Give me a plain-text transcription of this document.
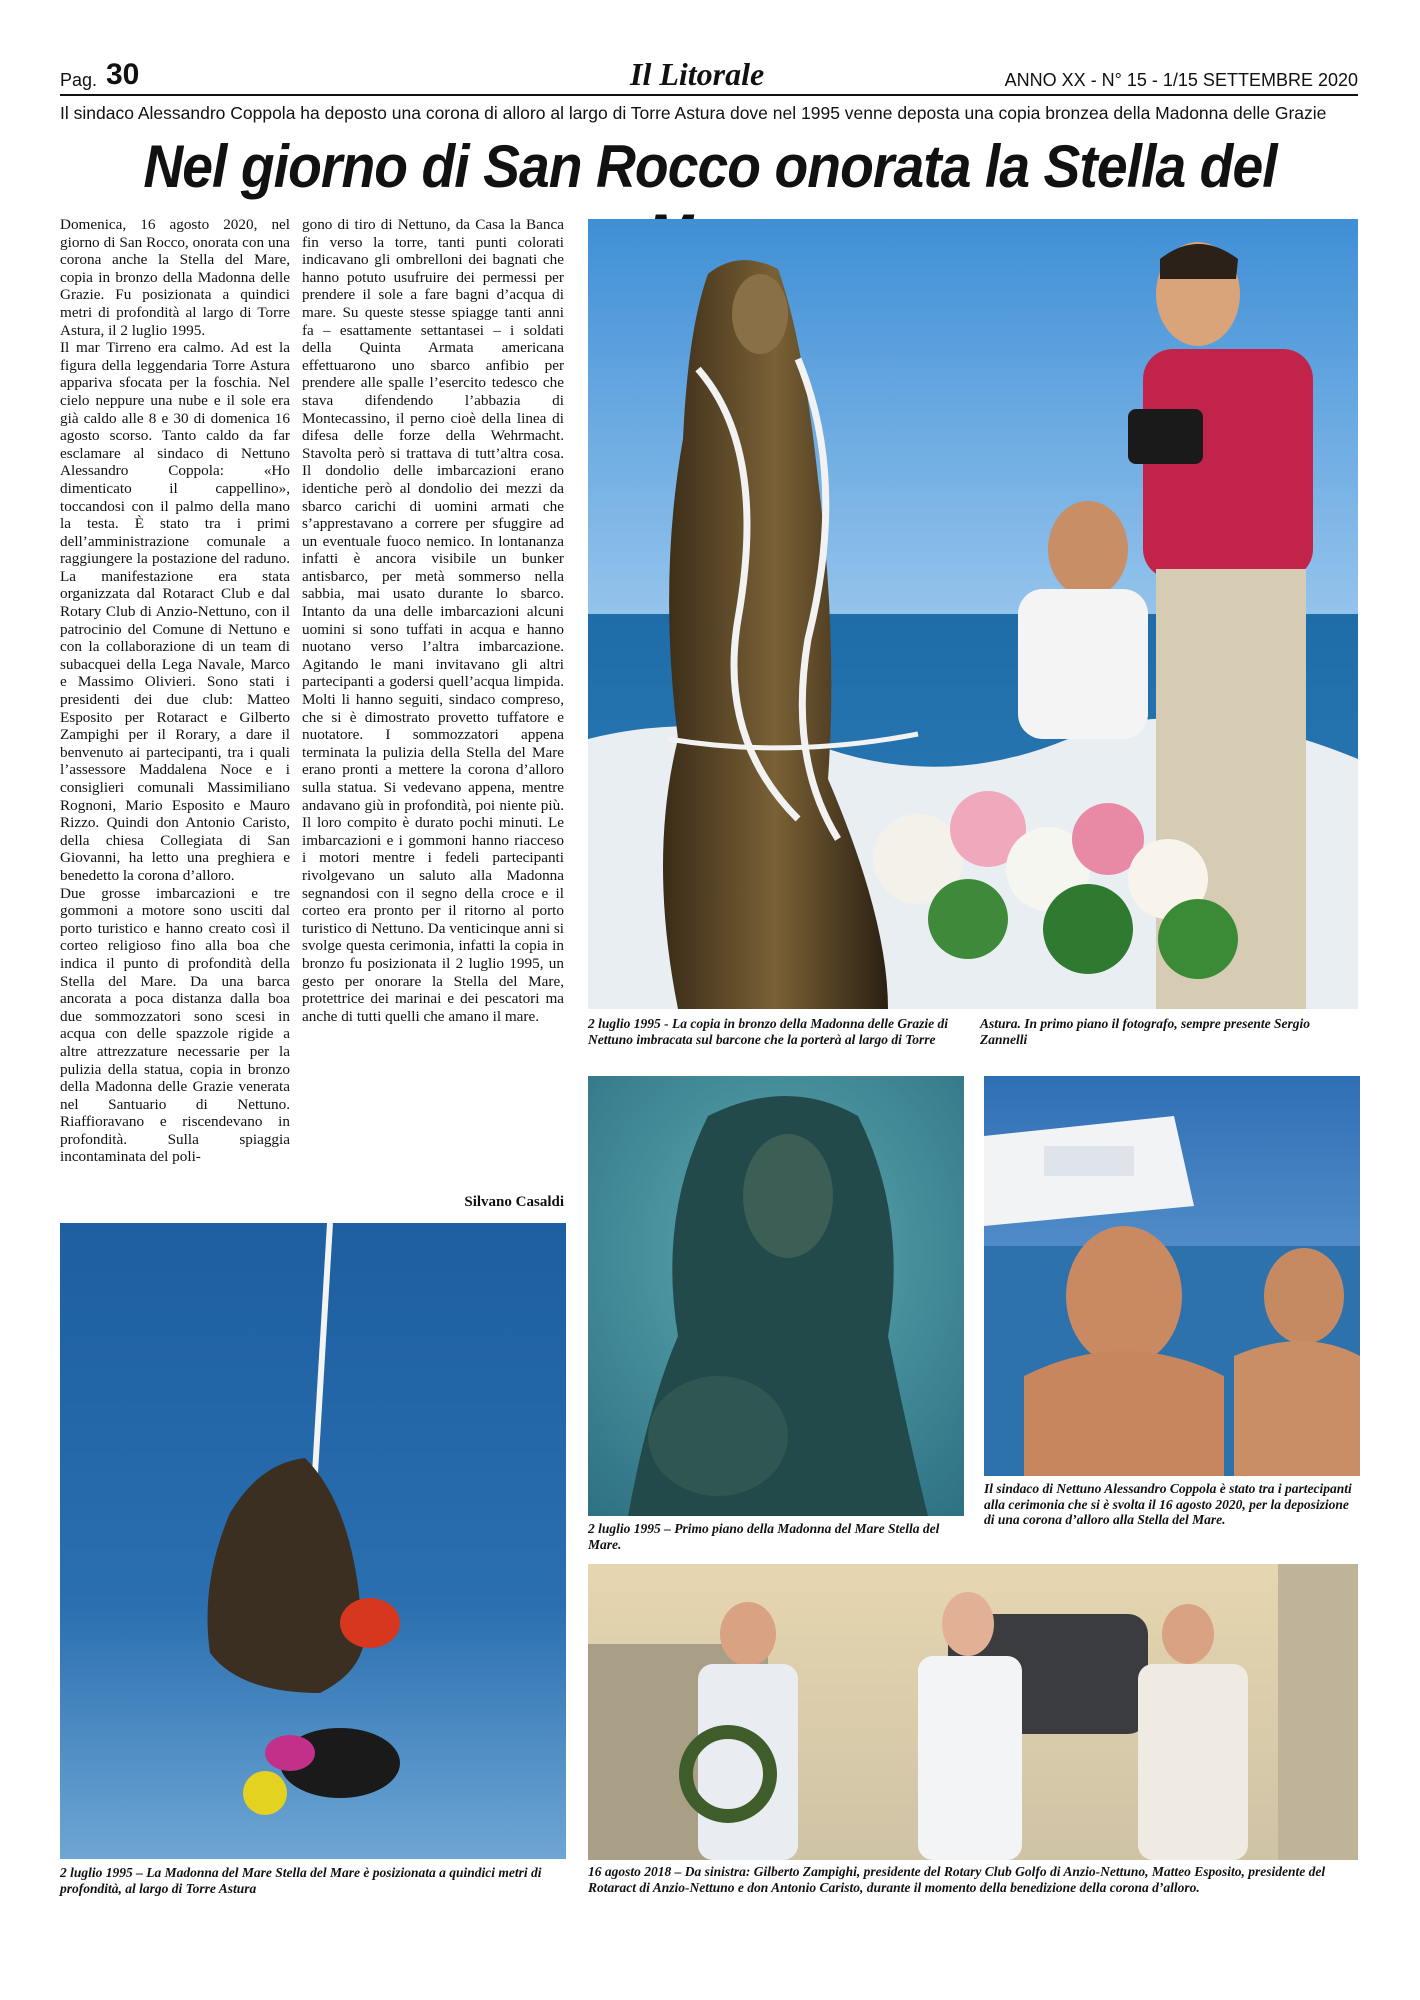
Pag. 30	Il Litorale	ANNO XX - N° 15 - 1/15 SETTEMBRE 2020
Il sindaco Alessandro Coppola ha deposto una corona di alloro al largo di Torre Astura dove nel 1995 venne deposta una copia bronzea della Madonna delle Grazie
Nel giorno di San Rocco onorata la Stella del

Domenica, 16 agosto 2020, nel giorno di San Rocco, onorata con una corona anche la Stella del Mare, copia in bronzo della Madonna delle Grazie. Fu posizionata a quindici metri di profondità al largo di Torre Astura, il 2 luglio 1995.

Il mar Tirreno era calmo. Ad est la figura della leggendaria Torre Astura appariva sfocata per la foschia. Nel cielo neppure una nube e il sole era già caldo alle 8 e 30 di domenica 16 agosto scorso. Tanto caldo da far esclamare al sindaco di Nettuno Alessandro Coppola: «Ho dimenticato il cappellino», toccandosi con il palmo della mano la testa. È stato tra i primi dell’amministrazione comunale a raggiungere la postazione del raduno. La manifestazione era stata organizzata dal Rotaract Club e dal Rotary Club di Anzio-Nettuno, con il patrocinio del Comune di Nettuno e con la collaborazione di un team di subacquei della Lega Navale, Marco e Massimo Olivieri. Sono stati i presidenti dei due club: Matteo Esposito per Rotaract e Gilberto Zampighi per il Rorary, a dare il benvenuto ai partecipanti, tra i quali l’assessore Maddalena Noce e i consiglieri comunali Massimiliano Rognoni, Mario Esposito e Mauro Rizzo. Quindi don Antonio Caristo, della chiesa Collegiata di San Giovanni, ha letto una preghiera e benedetto la corona d’alloro.

Due grosse imbarcazioni e tre gommoni a motore sono usciti dal porto turistico e hanno creato così il corteo religioso fino alla boa che indica il punto di profondità della Stella del Mare. Da una barca ancorata a poca distanza dalla boa due sommozzatori sono scesi in acqua con delle spazzole rigide a altre attrezzature necessarie per la pulizia della statua, copia in bronzo della Madonna delle Grazie venerata nel Santuario di Nettuno. Riaffioravano e riscendevano in profondità. Sulla spiaggia incontaminata del poli-

gono di tiro di Nettuno, da Casa la Banca fin verso la torre, tanti punti colorati indicavano gli ombrelloni dei bagnati che hanno potuto usufruire dei permessi per prendere il sole a fare bagni d’acqua di mare. Su queste stesse spiagge tanti anni fa – esattamente settantasei – i soldati della Quinta Armata americana effettuarono uno sbarco anfibio per prendere alle spalle l’esercito tedesco che stava difendendo l’abbazia di Montecassino, il perno cioè della linea di difesa delle forze della Wehrmacht. Stavolta però si trattava di tutt’altra cosa. Il dondolio delle imbarcazioni erano identiche però al dondolio dei mezzi da sbarco carichi di uomini armati che s’apprestavano a correre per sfuggire ad un eventuale fuoco nemico. In lontananza infatti è ancora visibile un bunker antisbarco, per metà sommerso nella sabbia, mai usato durante lo sbarco. Intanto da una delle imbarcazioni alcuni uomini si sono tuffati in acqua e hanno nuotano verso l’altra imbarcazione. Agitando le mani invitavano gli altri partecipanti a godersi quell’acqua limpida. Molti li hanno seguiti, sindaco compreso, che si è dimostrato provetto tuffatore e nuotatore. I sommozzatori appena terminata la pulizia della Stella del Mare erano pronti a mettere la corona d’alloro sulla statua. Si vedevano appena, mentre andavano giù in profondità, poi niente più. Il loro compito è durato pochi minuti. Le imbarcazioni e i gommoni hanno riacceso i motori mentre i fedeli partecipanti rivolgevano un saluto alla Madonna segnandosi con il segno della croce e il corteo era pronto per il ritorno al porto turistico di Nettuno. Da venticinque anni si svolge questa cerimonia, infatti la copia in bronzo fu posizionata il 2 luglio 1995, un gesto per onorare la Stella del Mare, protettrice dei marinai e dei pescatori ma anche di tutti quelli che amano il mare.

Silvano Casaldi
2 luglio 1995 - La copia in bronzo della Madonna delle Grazie di Nettuno imbracata sul barcone che la porterà al largo di Torre Astura. In primo piano il fotografo, sempre presente Sergio Zannelli
2 luglio 1995 – Primo piano della Madonna del Mare Stella del Mare.
Il sindaco di Nettuno Alessandro Coppola è stato tra i partecipanti alla cerimonia che si è svolta il 16 agosto 2020, per la deposizione di una corona d’alloro alla Stella del Mare.
2 luglio 1995 – La Madonna del Mare Stella del Mare è posizionata a quindici metri di profondità, al largo di Torre Astura
16 agosto 2018 – Da sinistra: Gilberto Zampighi, presidente del Rotary Club Golfo di Anzio-Nettuno, Matteo Esposito, presidente del Rotaract di Anzio-Nettuno e don Antonio Caristo, durante il momento della benedizione della corona d’alloro.
